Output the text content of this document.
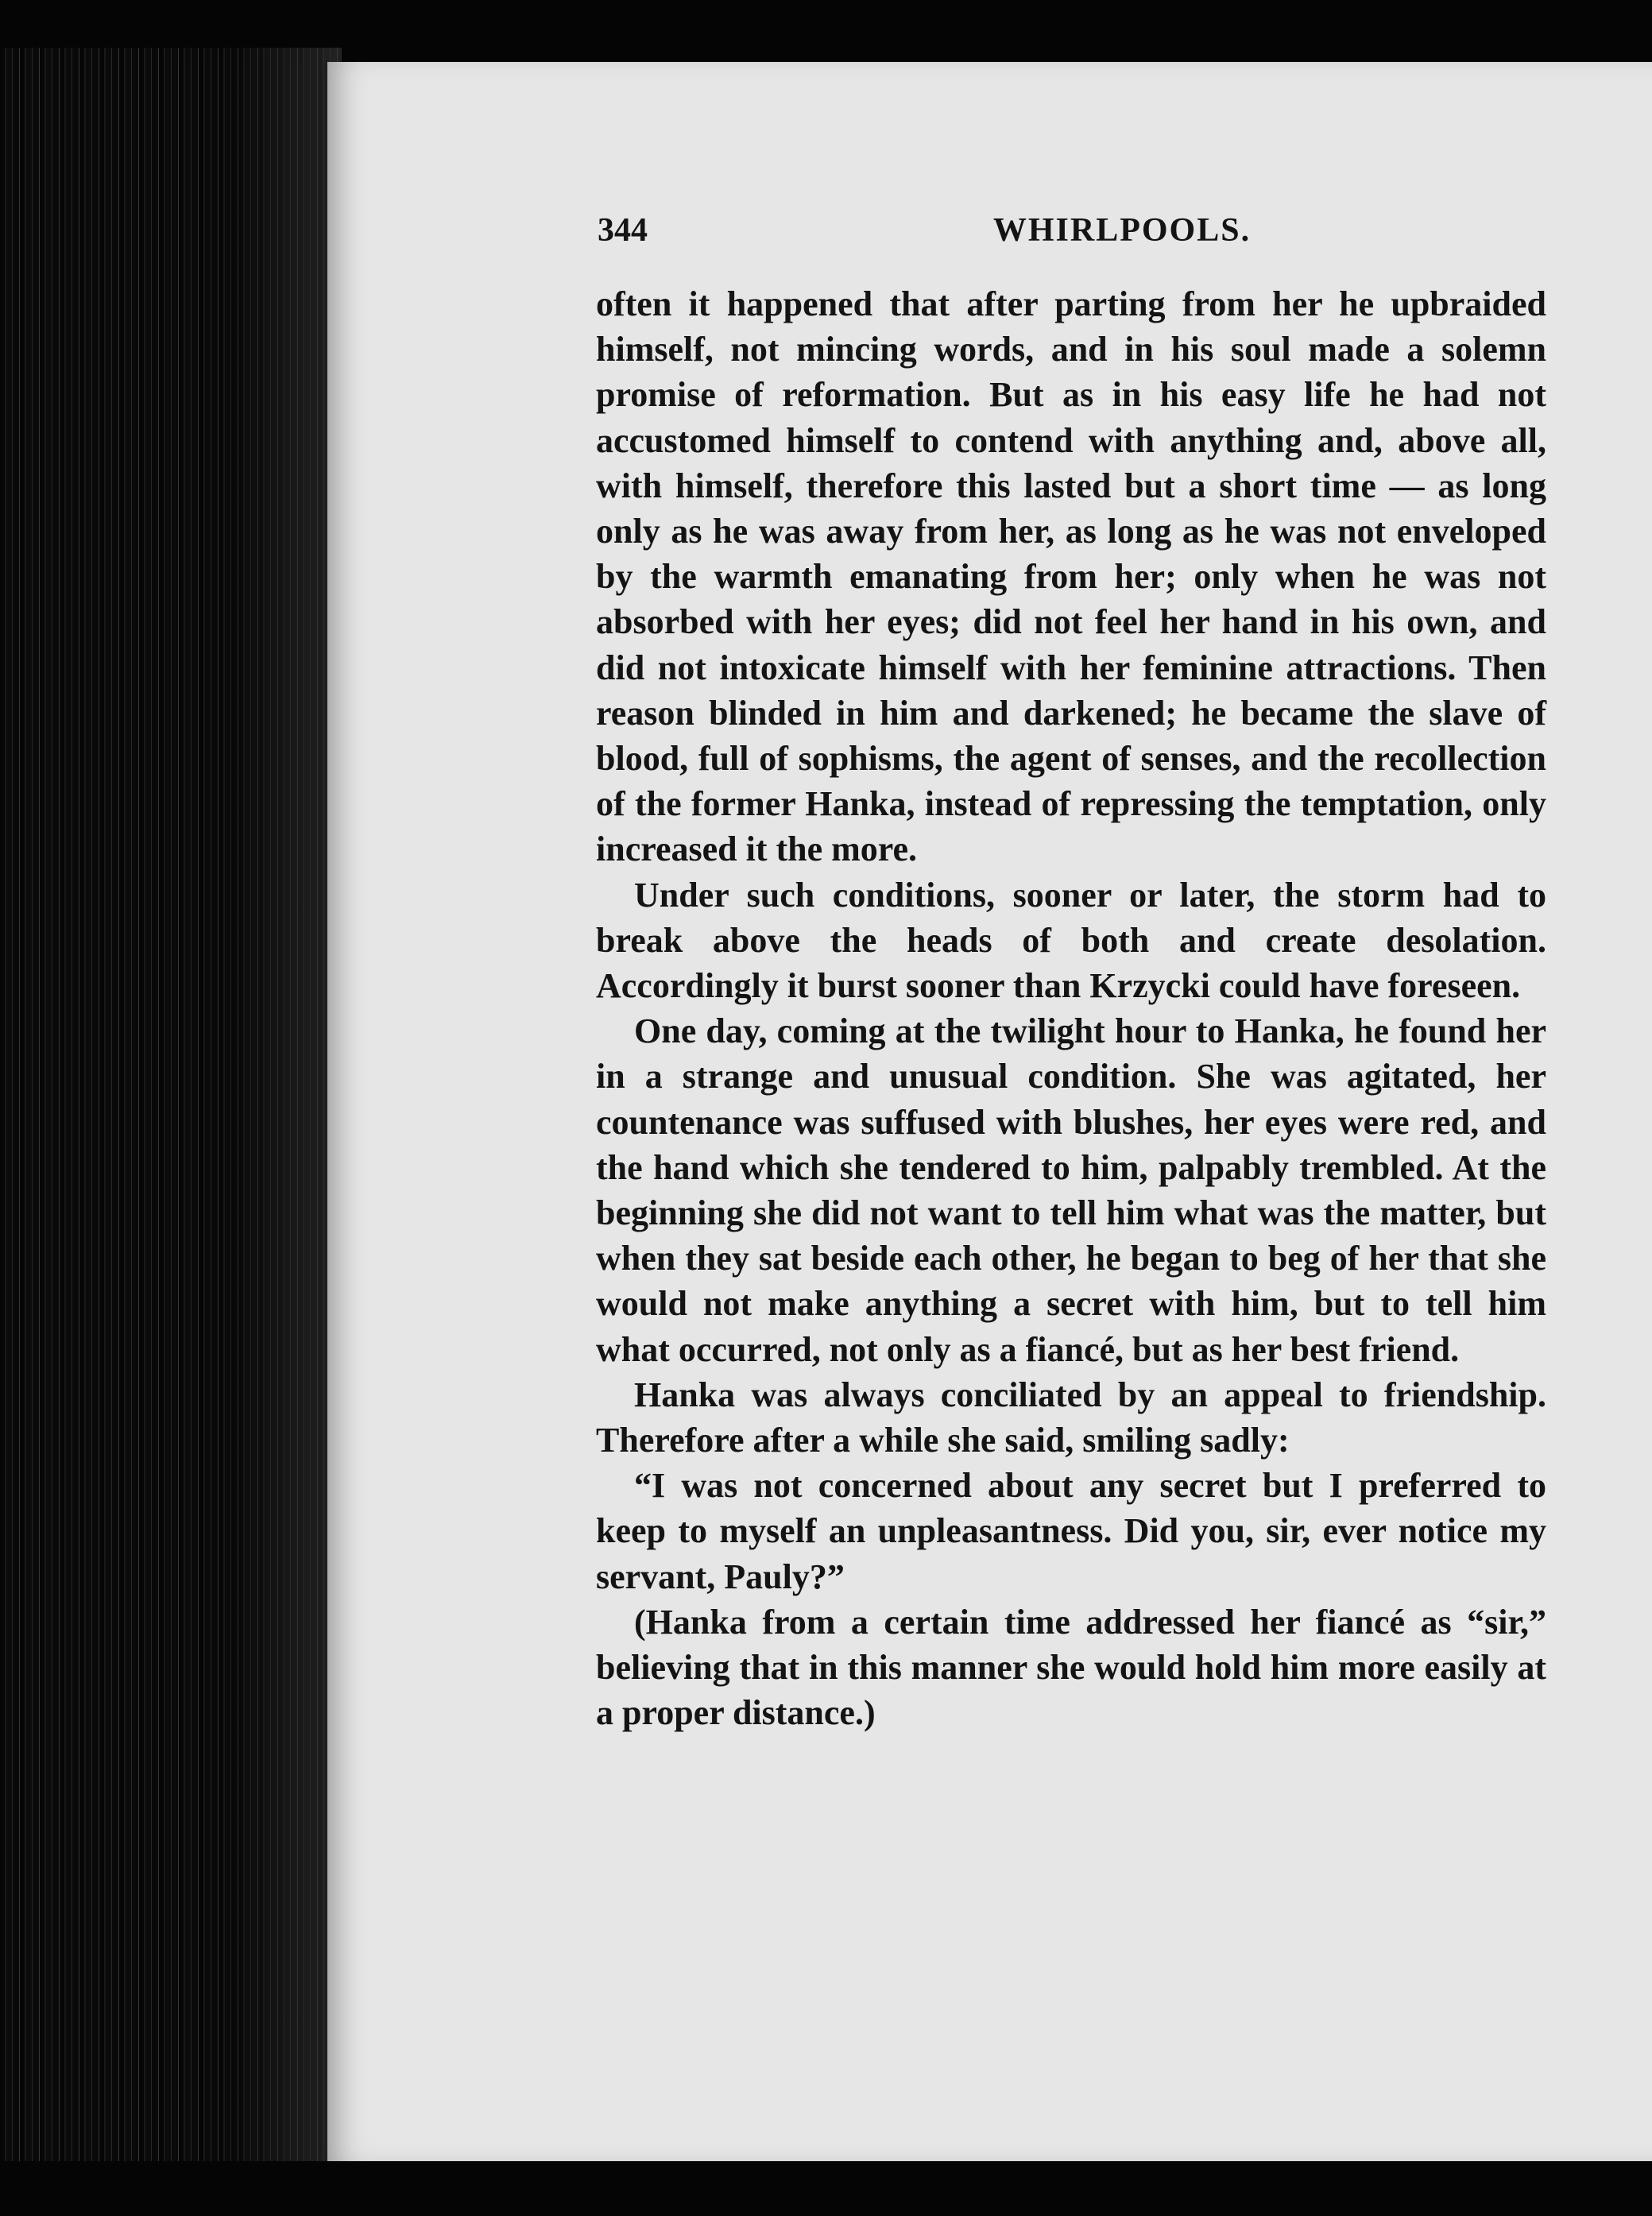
344	WHIRLPOOLS.

often it happened that after parting from her he upbraided himself, not mincing words, and in his soul made a solemn promise of reformation. But as in his easy life he had not accustomed himself to contend with anything and, above all, with himself, therefore this lasted but a short time — as long only as he was away from her, as long as he was not enveloped by the warmth emanating from her; only when he was not absorbed with her eyes; did not feel her hand in his own, and did not intoxicate himself with her feminine attractions. Then reason blinded in him and darkened; he became the slave of blood, full of sophisms, the agent of senses, and the recollection of the former Hanka, instead of repressing the temptation, only increased it the more.

Under such conditions, sooner or later, the storm had to break above the heads of both and create desolation. Accordingly it burst sooner than Krzycki could have foreseen.

One day, coming at the twilight hour to Hanka, he found her in a strange and unusual condition. She was agitated, her countenance was suffused with blushes, her eyes were red, and the hand which she tendered to him, palpably trembled. At the beginning she did not want to tell him what was the matter, but when they sat beside each other, he began to beg of her that she would not make anything a secret with him, but to tell him what occurred, not only as a fiancé, but as her best friend.

Hanka was always conciliated by an appeal to friendship. Therefore after a while she said, smiling sadly:

“I was not concerned about any secret but I preferred to keep to myself an unpleasantness. Did you, sir, ever notice my servant, Pauly?”

(Hanka from a certain time addressed her fiancé as “sir,” believing that in this manner she would hold him more easily at a proper distance.)
